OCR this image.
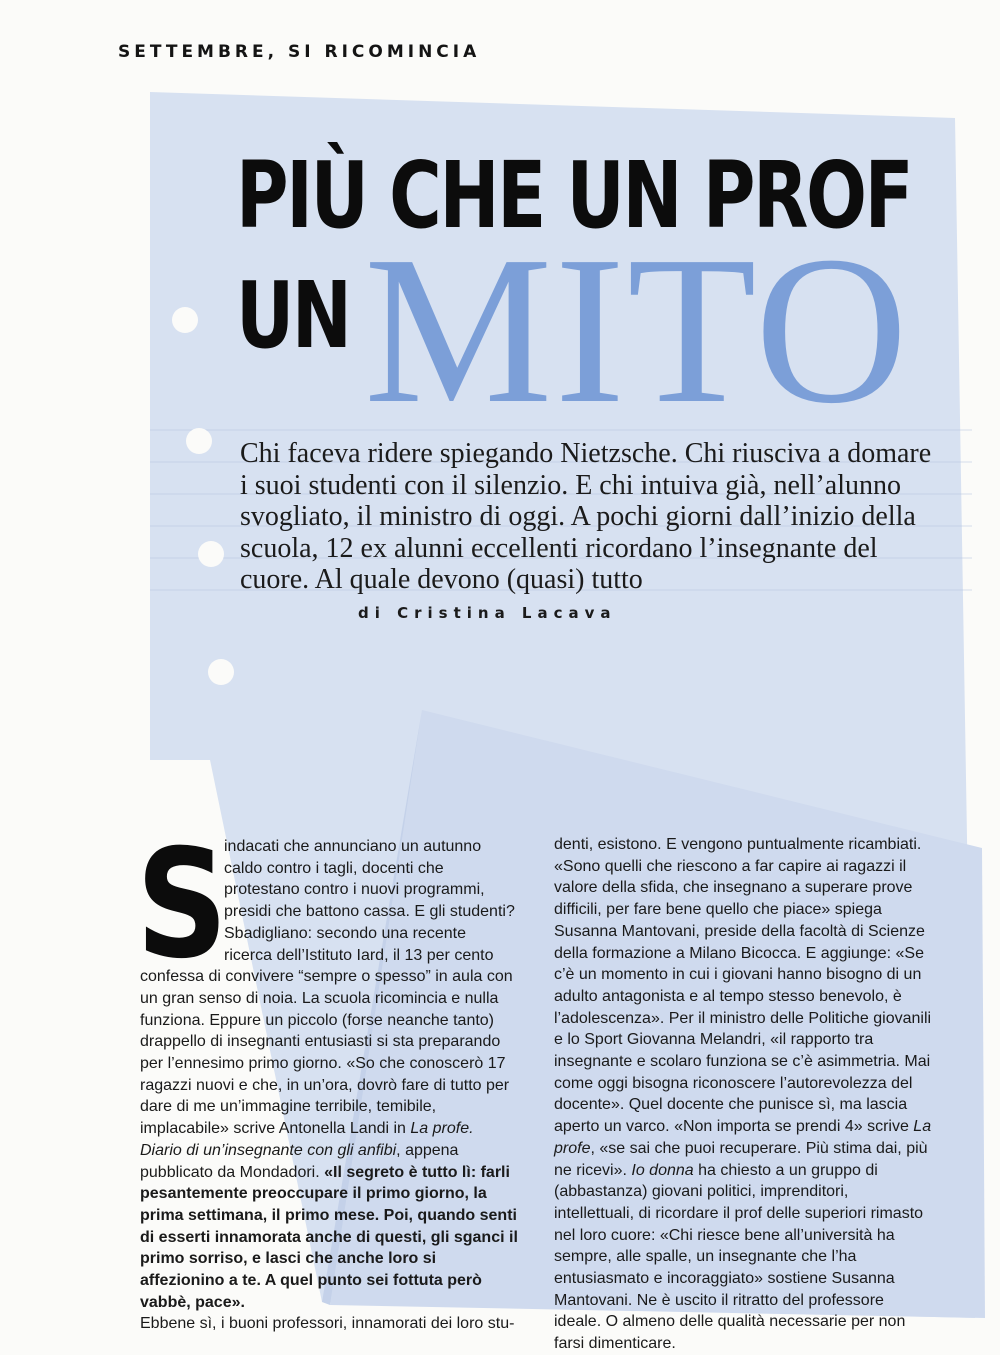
SETTEMBRE, SI RICOMINCIA
PIÙ CHE UN PROF
UN MITO
Chi faceva ridere spiegando Nietzsche. Chi riusciva a domare i suoi studenti con il silenzio. E chi intuiva già, nell’alunno svogliato, il ministro di oggi. A pochi giorni dall’inizio della scuola, 12 ex alunni eccellenti ricordano l’insegnante del cuore. Al quale devono (quasi) tutto
di Cristina Lacava
S
indacati che annunciano un autunno caldo contro i tagli, docenti che protestano contro i nuovi programmi, presidi che battono cassa. E gli studenti? Sbadigliano: secondo una recente ricerca dell’Istituto Iard, il 13 per cento confessa di convivere “sempre o spesso” in aula con un gran senso di noia. La scuola ricomincia e nulla funziona. Eppure un piccolo (forse neanche tanto) drappello di insegnanti entusiasti si sta preparando per l’ennesimo primo giorno. «So che conoscerò 17 ragazzi nuovi e che, in un’ora, dovrò fare di tutto per dare di me un’immagine terribile, temibile, implacabile» scrive Antonella Landi in La profe. Diario di un’insegnante con gli anfibi, appena pubblicato da Mondadori. «Il segreto è tutto lì: farli pesantemente preoccupare il primo giorno, la prima settimana, il primo mese. Poi, quando senti di esserti innamorata anche di questi, gli sganci il primo sorriso, e lasci che anche loro si affezionino a te. A quel punto sei fottuta però vabbè, pace».
Ebbene sì, i buoni professori, innamorati dei loro stu-
denti, esistono. E vengono puntualmente ricambiati. «Sono quelli che riescono a far capire ai ragazzi il valore della sfida, che insegnano a superare prove difficili, per fare bene quello che piace» spiega Susanna Mantovani, preside della facoltà di Scienze della formazione a Milano Bicocca. E aggiunge: «Se c’è un momento in cui i giovani hanno bisogno di un adulto antagonista e al tempo stesso benevolo, è l’adolescenza». Per il ministro delle Politiche giovanili e lo Sport Giovanna Melandri, «il rapporto tra insegnante e scolaro funziona se c’è asimmetria. Mai come oggi bisogna riconoscere l’autorevolezza del docente». Quel docente che punisce sì, ma lascia aperto un varco. «Non importa se prendi 4» scrive La profe, «se sai che puoi recuperare. Più stima dai, più ne ricevi». Io donna ha chiesto a un gruppo di (abbastanza) giovani politici, imprenditori, intellettuali, di ricordare il prof delle superiori rimasto nel loro cuore: «Chi riesce bene all’università ha sempre, alle spalle, un insegnante che l’ha entusiasmato e incoraggiato» sostiene Susanna Mantovani. Ne è uscito il ritratto del professore ideale. O almeno delle qualità necessarie per non farsi dimenticare.
